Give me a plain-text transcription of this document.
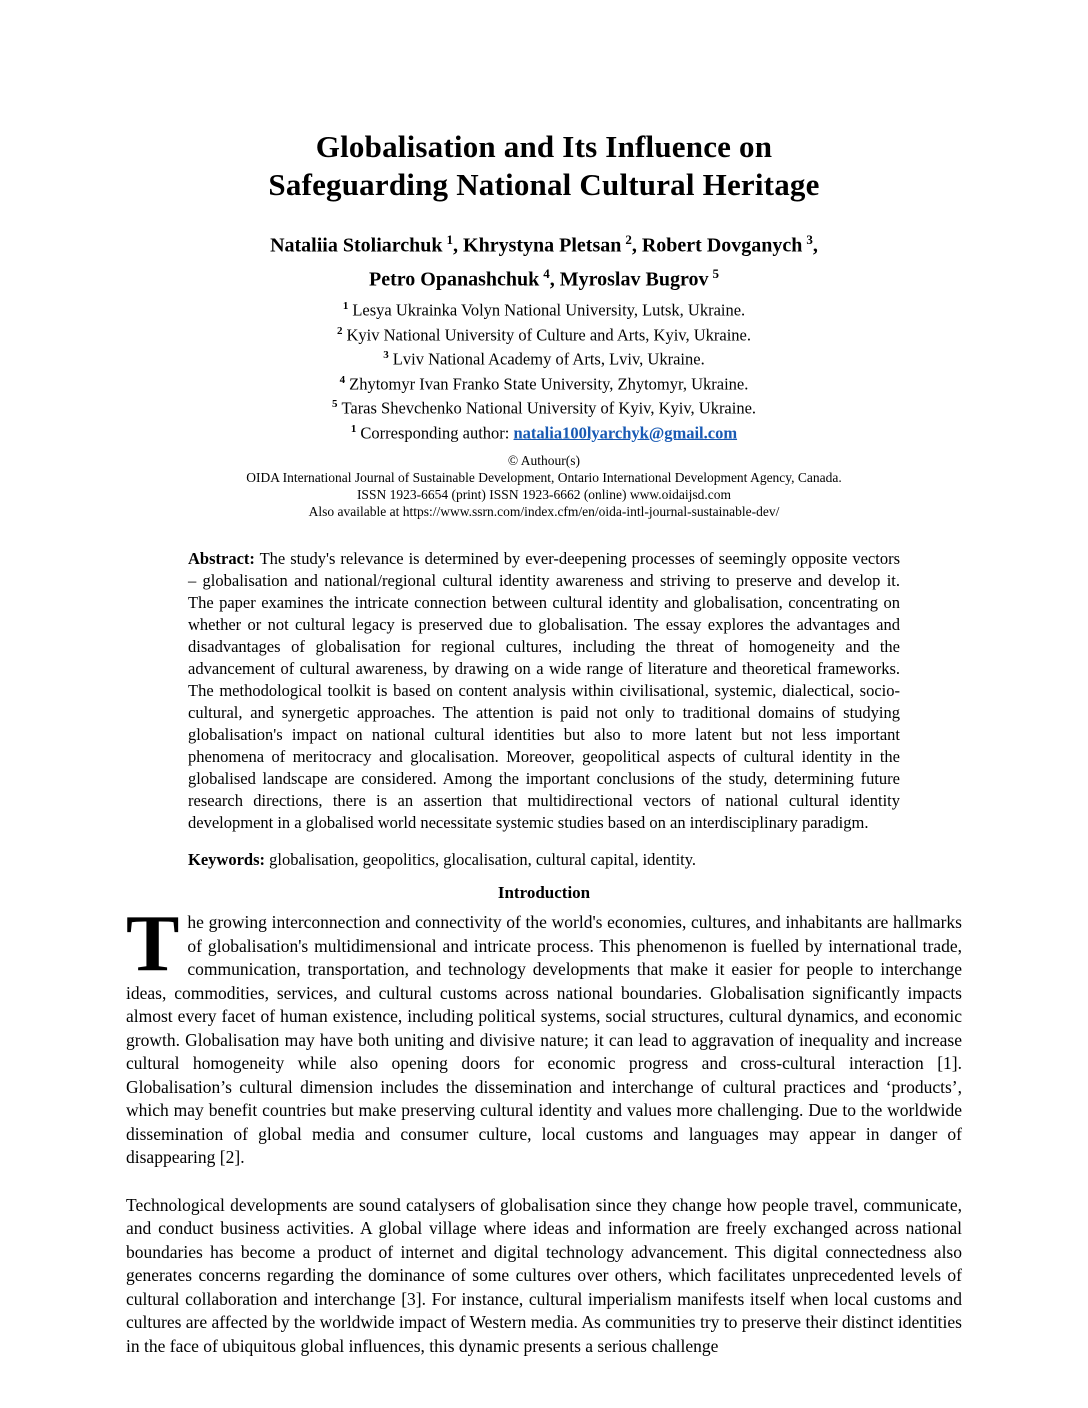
Globalisation and Its Influence on
Safeguarding National Cultural Heritage
Nataliia Stoliarchuk $^1$, Khrystyna Pletsan $^2$, Robert Dovganych $^3$,
Petro Opanashchuk $^4$, Myroslav Bugrov $^5$
$^1$ Lesya Ukrainka Volyn National University, Lutsk, Ukraine.
$^2$ Kyiv National University of Culture and Arts, Kyiv, Ukraine.
$^3$ Lviv National Academy of Arts, Lviv, Ukraine.
$^4$ Zhytomyr Ivan Franko State University, Zhytomyr, Ukraine.
$^5$ Taras Shevchenko National University of Kyiv, Kyiv, Ukraine.
$^1$ Corresponding author: natalia100lyarchyk@gmail.com
© Authour(s)
OIDA International Journal of Sustainable Development, Ontario International Development Agency, Canada.
ISSN 1923-6654 (print) ISSN 1923-6662 (online) www.oidaijsd.com
Also available at https://www.ssrn.com/index.cfm/en/oida-intl-journal-sustainable-dev/

Abstract: The study's relevance is determined by ever-deepening processes of seemingly opposite vectors – globalisation and national/regional cultural identity awareness and striving to preserve and develop it. The paper examines the intricate connection between cultural identity and globalisation, concentrating on whether or not cultural legacy is preserved due to globalisation. The essay explores the advantages and disadvantages of globalisation for regional cultures, including the threat of homogeneity and the advancement of cultural awareness, by drawing on a wide range of literature and theoretical frameworks. The methodological toolkit is based on content analysis within civilisational, systemic, dialectical, socio-cultural, and synergetic approaches. The attention is paid not only to traditional domains of studying globalisation's impact on national cultural identities but also to more latent but not less important phenomena of meritocracy and glocalisation. Moreover, geopolitical aspects of cultural identity in the globalised landscape are considered. Among the important conclusions of the study, determining future research directions, there is an assertion that multidirectional vectors of national cultural identity development in a globalised world necessitate systemic studies based on an interdisciplinary paradigm.

Keywords: globalisation, geopolitics, glocalisation, cultural capital, identity.

Introduction

The growing interconnection and connectivity of the world's economies, cultures, and inhabitants are hallmarks of globalisation's multidimensional and intricate process. This phenomenon is fuelled by international trade, communication, transportation, and technology developments that make it easier for people to interchange ideas, commodities, services, and cultural customs across national boundaries. Globalisation significantly impacts almost every facet of human existence, including political systems, social structures, cultural dynamics, and economic growth. Globalisation may have both uniting and divisive nature; it can lead to aggravation of inequality and increase cultural homogeneity while also opening doors for economic progress and cross-cultural interaction [1]. Globalisation’s cultural dimension includes the dissemination and interchange of cultural practices and ‘products’, which may benefit countries but make preserving cultural identity and values more challenging. Due to the worldwide dissemination of global media and consumer culture, local customs and languages may appear in danger of disappearing [2].

Technological developments are sound catalysers of globalisation since they change how people travel, communicate, and conduct business activities. A global village where ideas and information are freely exchanged across national boundaries has become a product of internet and digital technology advancement. This digital connectedness also generates concerns regarding the dominance of some cultures over others, which facilitates unprecedented levels of cultural collaboration and interchange [3]. For instance, cultural imperialism manifests itself when local customs and cultures are affected by the worldwide impact of Western media. As communities try to preserve their distinct identities in the face of ubiquitous global influences, this dynamic presents a serious challenge
